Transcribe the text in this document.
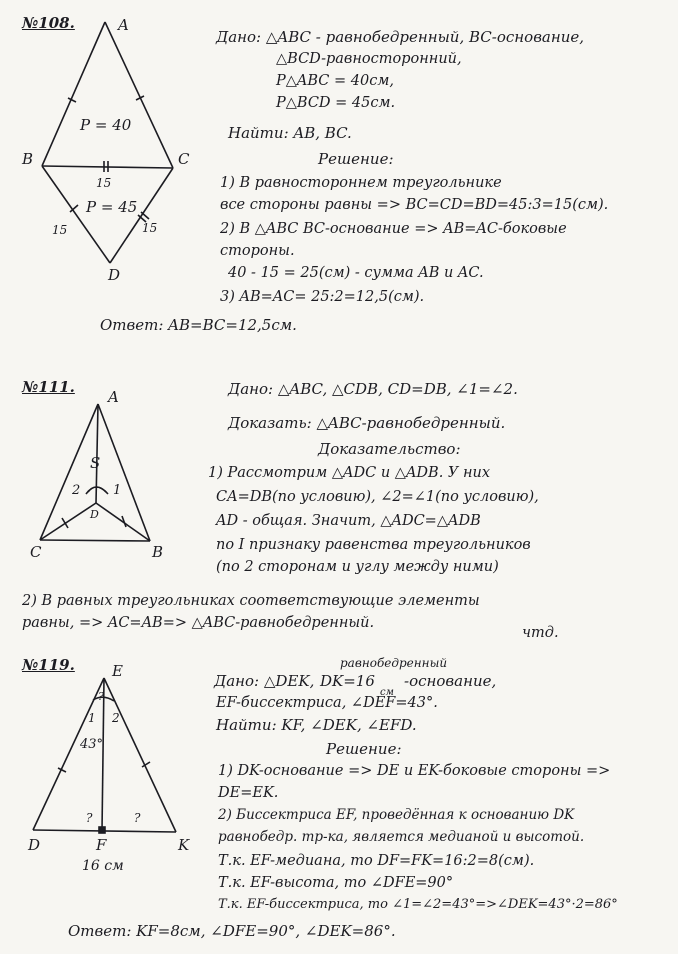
№108.	A
B	C
D
P = 40
P = 45
15
15	15
A
C	B
D
S
1
2
E
D	F	K
?
1 2
43°
?	?
16 см
Дано: △ABC - равнобедренный, BC-основание,
△BCD-равносторонний,
P△ABC = 40см,
P△BCD = 45см.
Найти: AB, BC.
Решение:
1) В равностороннем треугольнике
все стороны равны => BC=CD=BD=45:3=15(см).
2) В △ABC BC-основание => AB=AC-боковые
стороны.
40 - 15 = 25(см) - сумма AB и AC.
3) AB=AC= 25:2=12,5(см).
Ответ: AB=BC=12,5см.
№111.	Дано: △ABC, △CDB, CD=DB, ∠1=∠2.
Доказать: △ABC-равнобедренный.
Доказательство:
1) Рассмотрим △ADC и △ADB. У них
CA=DB(по условию), ∠2=∠1(по условию),
AD - общая. Значит, △ADC=△ADB
по I признаку равенства треугольников
(по 2 сторонам и углу между ними)
2) В равных треугольниках соответствующие элементы
равны, => AC=AB=> △ABC-равнобедренный.
чтд.
№119.
Дано: △DEK,
равнобедренный
DK=16
см
-основание,
EF-биссектриса, ∠DEF=43°.
Найти: KF, ∠DEK, ∠EFD.
Решение:
1) DK-основание => DE и EK-боковые стороны =>
DE=EK.
2) Биссектриса EF, проведённая к основанию DK
равнобедр. тр-ка, является медианой и высотой.
Т.к. EF-медиана, то DF=FK=16:2=8(см).
Т.к. EF-высота, то ∠DFE=90°
Т.к. EF-биссектриса, то ∠1=∠2=43°=>∠DEK=43°·2=86°
Ответ: KF=8см, ∠DFE=90°, ∠DEK=86°.
